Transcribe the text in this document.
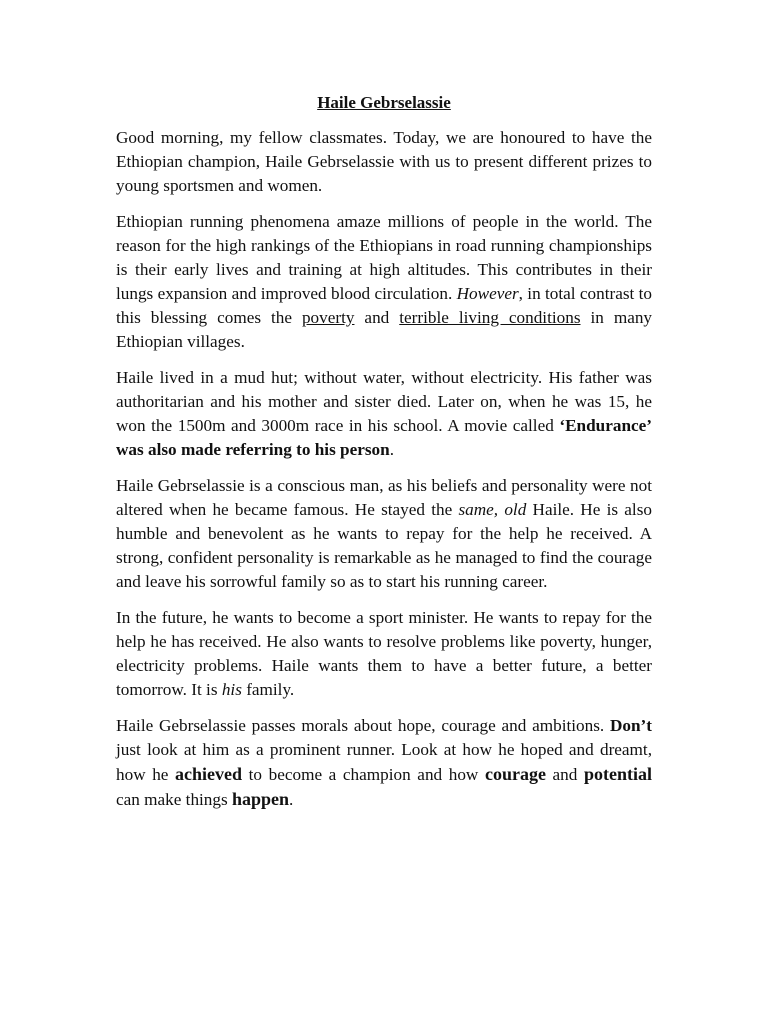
Haile Gebrselassie

Good morning, my fellow classmates. Today, we are honoured to have the Ethiopian champion, Haile Gebrselassie with us to present different prizes to young sportsmen and women.

Ethiopian running phenomena amaze millions of people in the world. The reason for the high rankings of the Ethiopians in road running championships is their early lives and training at high altitudes. This contributes in their lungs expansion and improved blood circulation. However, in total contrast to this blessing comes the poverty and terrible living conditions in many Ethiopian villages.

Haile lived in a mud hut; without water, without electricity. His father was authoritarian and his mother and sister died. Later on, when he was 15, he won the 1500m and 3000m race in his school. A movie called ‘Endurance’ was also made referring to his person.

Haile Gebrselassie is a conscious man, as his beliefs and personality were not altered when he became famous. He stayed the same, old Haile. He is also humble and benevolent as he wants to repay for the help he received. A strong, confident personality is remarkable as he managed to find the courage and leave his sorrowful family so as to start his running career.

In the future, he wants to become a sport minister. He wants to repay for the help he has received. He also wants to resolve problems like poverty, hunger, electricity problems. Haile wants them to have a better future, a better tomorrow. It is his family.

Haile Gebrselassie passes morals about hope, courage and ambitions. Don’t just look at him as a prominent runner. Look at how he hoped and dreamt, how he achieved to become a champion and how courage and potential can make things happen.
